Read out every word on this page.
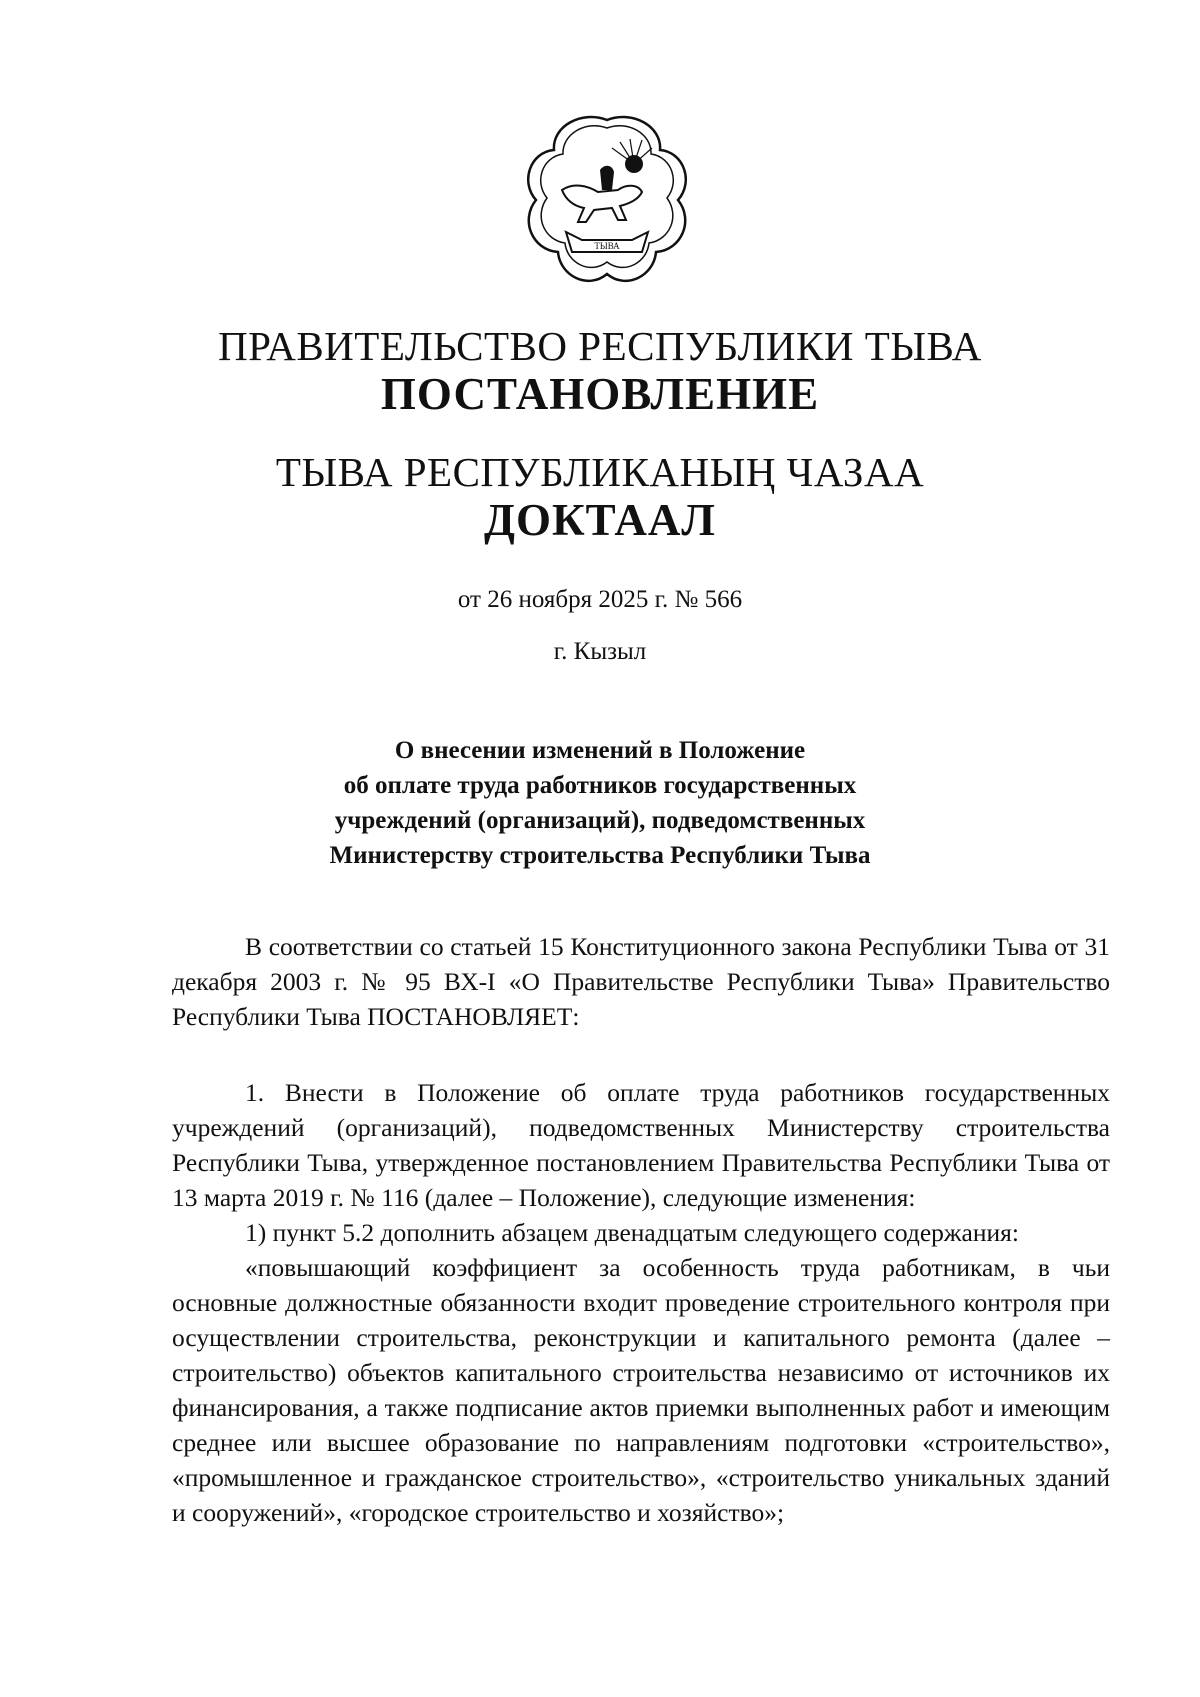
ТЫВА
ПРАВИТЕЛЬСТВО РЕСПУБЛИКИ ТЫВА
ПОСТАНОВЛЕНИЕ
ТЫВА РЕСПУБЛИКАНЫҢ ЧАЗАА
ДОКТААЛ
от 26 ноября 2025 г. № 566
г. Кызыл
О внесении изменений в Положение
об оплате труда работников государственных
учреждений (организаций), подведомственных
Министерству строительства Республики Тыва

В соответствии со статьей 15 Конституционного закона Республики Тыва от 31 декабря 2003 г. № 95 ВХ-I «О Правительстве Республики Тыва» Правительство Республики Тыва ПОСТАНОВЛЯЕТ:

1. Внести в Положение об оплате труда работников государственных учреждений (организаций), подведомственных Министерству строительства Республики Тыва, утвержденное постановлением Правительства Республики Тыва от 13 марта 2019 г. № 116 (далее – Положение), следующие изменения:

1) пункт 5.2 дополнить абзацем двенадцатым следующего содержания:

«повышающий коэффициент за особенность труда работникам, в чьи основные должностные обязанности входит проведение строительного контроля при осуществлении строительства, реконструкции и капитального ремонта (далее – строительство) объектов капитального строительства независимо от источников их финансирования, а также подписание актов приемки выполненных работ и имеющим среднее или высшее образование по направлениям подготовки «строительство», «промышленное и гражданское строительство», «строительство уникальных зданий и сооружений», «городское строительство и хозяйство»;
